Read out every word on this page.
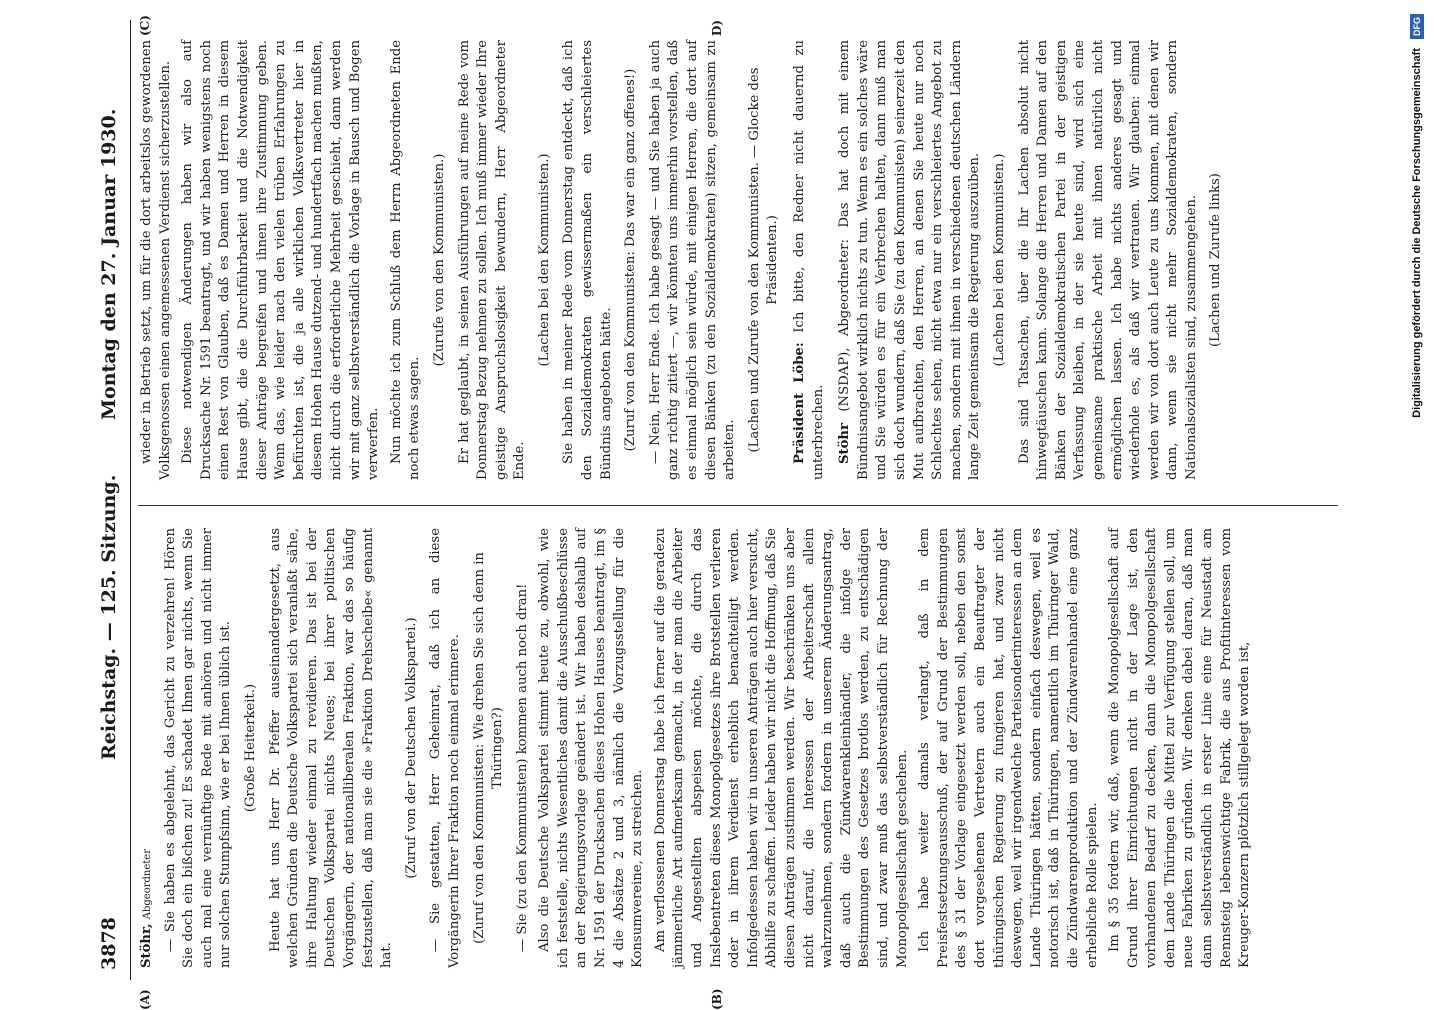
3878
Reichstag. — 125. Sitzung.
Montag den 27. Januar 1930.
(A)	(B)
(C)	D)

Stöhr, Abgeordneter — Sie haben es abgelehnt, das Gericht zu verzehren! Hören Sie doch ein bißchen zu! Es schadet Ihnen gar nichts, wenn Sie auch mal eine vernünftige Rede mit anhören und nicht immer nur solchen Stumpfsinn, wie er bei Ihnen üblich ist. (Große Heiterkeit.) Heute hat uns Herr Dr. Pfeffer auseinandergesetzt, aus welchen Gründen die Deutsche Volkspartei sich veranlaßt sähe, ihre Haltung wieder einmal zu revidieren. Das ist bei der Deutschen Volkspartei nichts Neues; bei ihrer politischen Vorgängerin, der nationalliberalen Fraktion, war das so häufig festzustellen, daß man sie die »Fraktion Drehscheibe« genannt hat.

(Zuruf von der Deutschen Volkspartei.) — Sie gestatten, Herr Geheimrat, daß ich an diese Vorgängerin Ihrer Fraktion noch einmal erinnere. (Zuruf von den Kommunisten: Wie drehen Sie sich denn in Thüringen?) — Sie (zu den Kommunisten) kommen auch noch dran! Also die Deutsche Volkspartei stimmt heute zu, obwohl, wie ich feststelle, nichts Wesentliches damit die Ausschußbeschlüsse an der Regierungsvorlage geändert ist. Wir haben deshalb auf Nr. 1591 der Drucksachen dieses Hohen Hauses beantragt, im § 4 die Absätze 2 und 3, nämlich die Vorzugsstellung für die Konsumvereine, zu streichen. Am verflossenen Donnerstag habe ich ferner auf die geradezu jämmerliche Art aufmerksam gemacht, in der man die Arbeiter und Angestellten abspeisen möchte, die durch das Inslebentreten dieses Monopolgesetzes ihre Brotstellen verlieren oder in ihrem Verdienst erheblich benachteiligt werden. Infolgedessen haben wir in unseren Anträgen auch hier versucht, Abhilfe zu schaffen. Leider haben wir nicht die Hoffnung, daß Sie diesen Anträgen zustimmen werden. Wir beschränken uns aber nicht darauf, die Interessen der Arbeiterschaft allein wahrzunehmen, sondern fordern in unserem Änderungsantrag, daß auch die Zündwarenkleinhändler, die infolge der Bestimmungen des Gesetzes brotlos werden, zu entschädigen sind, und zwar muß das selbstverständlich für Rechnung der Monopolgesellschaft geschehen. Ich habe weiter damals verlangt, daß in dem Preisfestsetzungsausschuß, der auf Grund der Bestimmungen des § 31 der Vorlage eingesetzt werden soll, neben den sonst dort vorgesehenen Vertretern auch ein Beauftragter der thüringischen Regierung zu fungieren hat, und zwar nicht deswegen, weil wir irgendwelche Parteisonderinteressen an dem Lande Thüringen hätten, sondern einfach deswegen, weil es notorisch ist, daß in Thüringen, namentlich im Thüringer Wald, die Zündwarenproduktion und der Zündwarenhandel eine ganz erhebliche Rolle spielen. Im § 35 fordern wir, daß, wenn die Monopolgesellschaft auf Grund ihrer Einrichtungen nicht in der Lage ist, den vorhandenen Bedarf zu decken, dann die Monopolgesellschaft dem Lande Thüringen die Mittel zur Verfügung stellen soll, um neue Fabriken zu gründen. Wir denken dabei daran, daß man dann selbstverständlich in erster Linie eine für Neustadt am Rennsteig lebenswichtige Fabrik, die aus Profitinteressen vom Kreuger-Konzern plötzlich stillgelegt worden ist,

wieder in Betrieb setzt, um für die dort arbeitslos gewordenen Volksgenossen einen angemessenen Verdienst sicherzustellen. Diese notwendigen Änderungen haben wir also auf Drucksache Nr. 1591 beantragt, und wir haben wenigstens noch einen Rest von Glauben, daß es Damen und Herren in diesem Hause gibt, die die Durchführbarkeit und die Notwendigkeit dieser Anträge begreifen und ihnen ihre Zustimmung geben. Wenn das, wie leider nach den vielen trüben Erfahrungen zu befürchten ist, die ja alle wirklichen Volksvertreter hier in diesem Hohen Hause dutzend- und hundertfach machen mußten, nicht durch die erforderliche Mehrheit geschieht, dann werden wir mit ganz selbstverständlich die Vorlage in Bausch und Bogen verwerfen. Nun möchte ich zum Schluß dem Herrn Abgeordneten Ende noch etwas sagen.

(Zurufe von den Kommunisten.) Er hat geglaubt, in seinen Ausführungen auf meine Rede vom Donnerstag Bezug nehmen zu sollen. Ich muß immer wieder Ihre geistige Anspruchslosigkeit bewundern, Herr Abgeordneter Ende.

(Lachen bei den Kommunisten.) Sie haben in meiner Rede vom Donnerstag entdeckt, daß ich den Sozialdemokraten gewissermaßen ein verschleiertes Bündnis angeboten hätte. (Zuruf von den Kommunisten: Das war ein ganz offenes!) — Nein, Herr Ende. Ich habe gesagt — und Sie haben ja auch ganz richtig zitiert —, wir könnten uns immerhin vorstellen, daß es einmal möglich sein würde, mit einigen Herren, die dort auf diesen Bänken (zu den Sozialdemokraten) sitzen, gemeinsam zu arbeiten. (Lachen und Zurufe von den Kommunisten. — Glocke des Präsidenten.)

Präsident Löbe: Ich bitte, den Redner nicht dauernd zu unterbrechen. Stöhr (NSDAP), Abgeordneter: Das hat doch mit einem Bündnisangebot wirklich nichts zu tun. Wenn es ein solches wäre und Sie würden es für ein Verbrechen halten, dann muß man sich doch wundern, daß Sie (zu den Kommunisten) seinerzeit den Mut aufbrachten, den Herren, an denen Sie heute nur noch Schlechtes sehen, nicht etwa nur ein verschleiertes Angebot zu machen, sondern mit ihnen in verschiedenen deutschen Ländern lange Zeit gemeinsam die Regierung auszuüben. (Lachen bei den Kommunisten.) Das sind Tatsachen, über die Ihr Lachen absolut nicht hinwegtäuschen kann. Solange die Herren und Damen auf den Bänken der Sozialdemokratischen Partei in der geistigen Verfassung bleiben, in der sie heute sind, wird sich eine gemeinsame praktische Arbeit mit ihnen natürlich nicht ermöglichen lassen. Ich habe nichts anderes gesagt und wiederhole es, als daß wir vertrauen. Wir glauben: einmal werden wir von dort auch Leute zu uns kommen, mit denen wir dann, wenn sie nicht mehr Sozialdemokraten, sondern Nationalsozialisten sind, zusammengehen. (Lachen und Zurufe links)	Digitalisierung gefördert durch die Deutsche Forschungsgemeinschaft DFG
